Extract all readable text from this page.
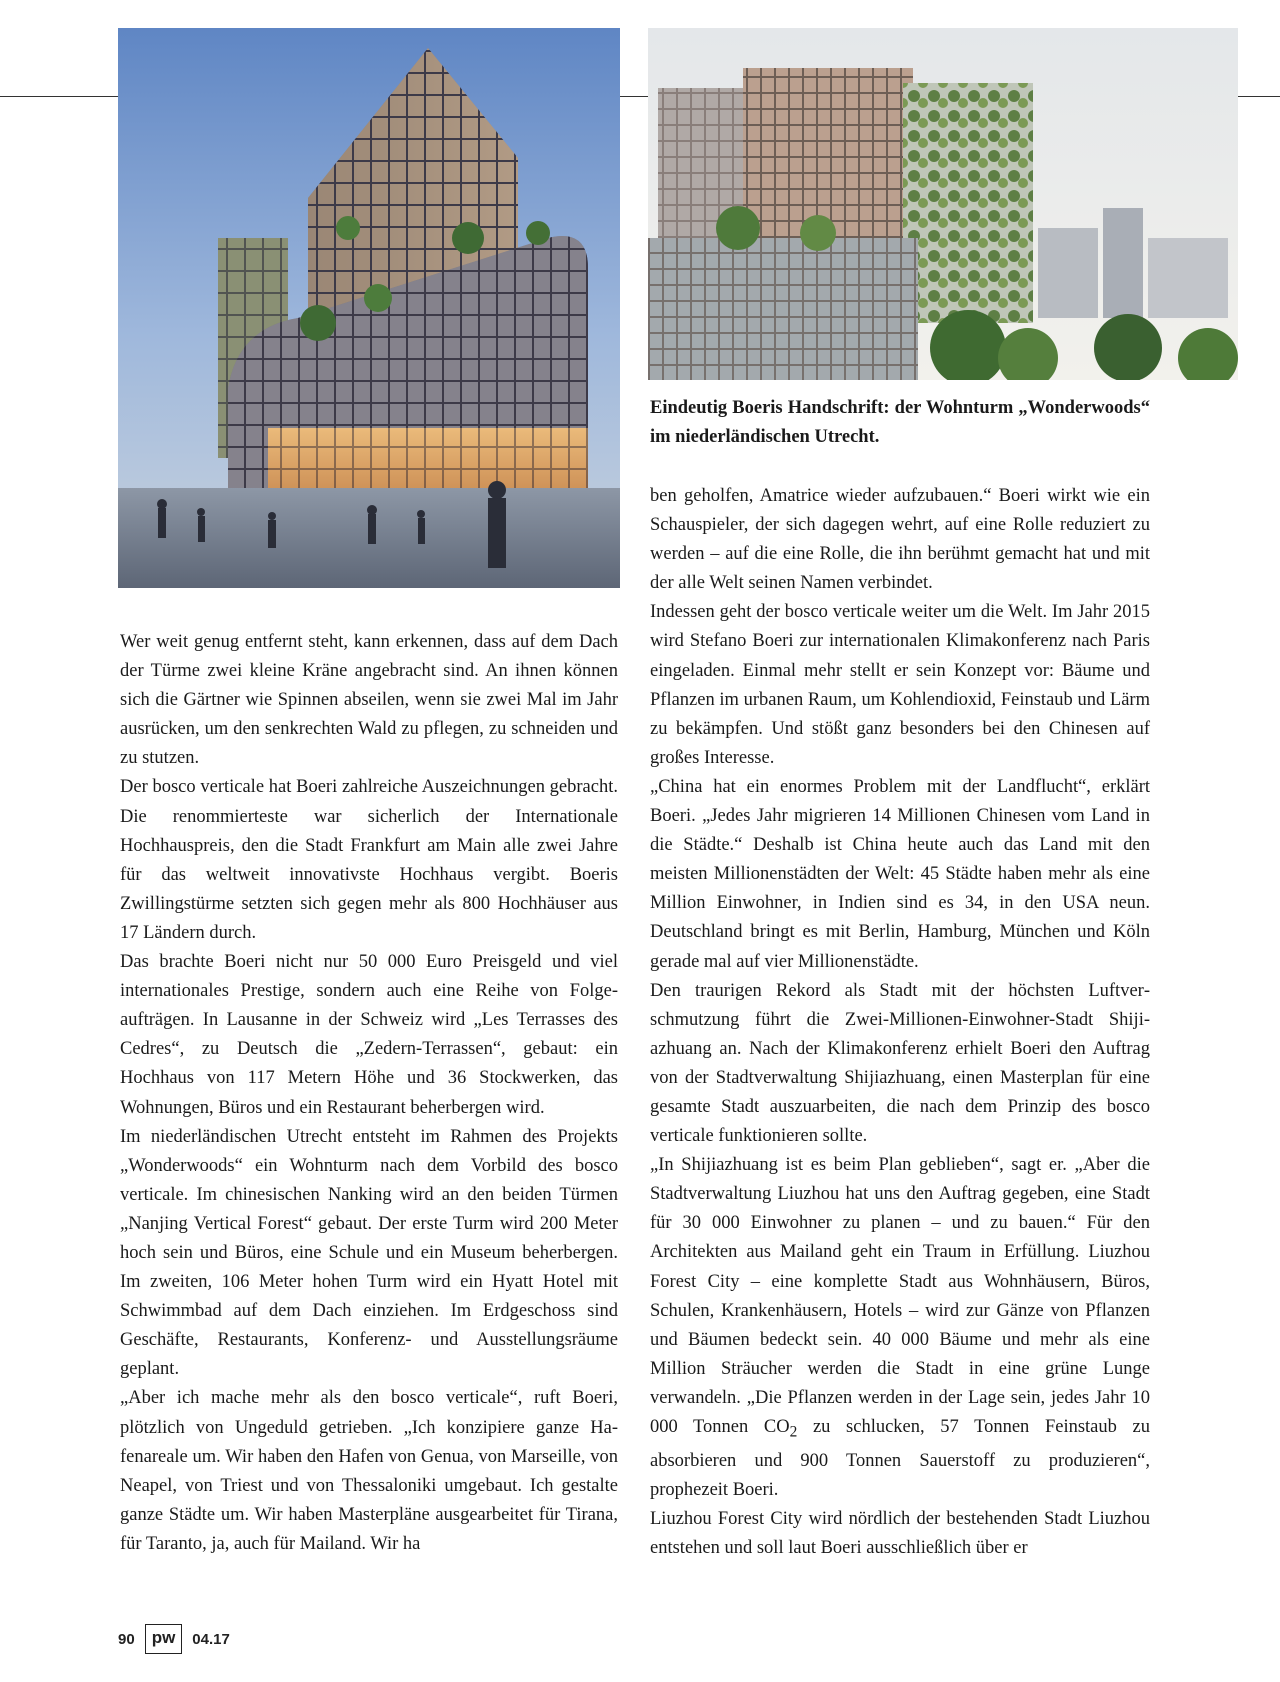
Eindeutig Boeris Handschrift: der Wohnturm „Wonderwoods“ im niederländischen Utrecht.

Wer weit genug entfernt steht, kann erkennen, dass auf dem Dach der Türme zwei kleine Kräne angebracht sind. An ihnen können sich die Gärtner wie Spinnen abseilen, wenn sie zwei Mal im Jahr ausrücken, um den senkrechten Wald zu pflegen, zu schneiden und zu stutzen.

Der bosco verticale hat Boeri zahlreiche Auszeichnungen gebracht. Die renommierteste war sicherlich der Internationale Hochhauspreis, den die Stadt Frankfurt am Main alle zwei Jahre für das weltweit innovativste Hochhaus vergibt. Boeris Zwillingstürme setzten sich gegen mehr als 800 Hochhäuser aus 17 Ländern durch.

Das brachte Boeri nicht nur 50 000 Euro Preisgeld und viel internationales Prestige, sondern auch eine Reihe von Folgeaufträgen. In Lausanne in der Schweiz wird „Les Terrasses des Cedres“, zu Deutsch die „Zedern-Terrassen“, gebaut: ein Hochhaus von 117 Metern Höhe und 36 Stockwerken, das Wohnungen, Büros und ein Restaurant beherbergen wird.

Im niederländischen Utrecht entsteht im Rahmen des Projekts „Wonderwoods“ ein Wohnturm nach dem Vorbild des bosco verticale. Im chinesischen Nanking wird an den beiden Türmen „Nanjing Vertical Forest“ gebaut. Der erste Turm wird 200 Meter hoch sein und Büros, eine Schule und ein Museum beherbergen. Im zweiten, 106 Meter hohen Turm wird ein Hyatt Hotel mit Schwimmbad auf dem Dach einziehen. Im Erdgeschoss sind Geschäfte, Restaurants, Konferenz- und Ausstellungsräume geplant.

„Aber ich mache mehr als den bosco verticale“, ruft Boeri, plötzlich von Ungeduld getrieben. „Ich konzipiere ganze Hafenareale um. Wir haben den Hafen von Genua, von Marseille, von Neapel, von Triest und von Thessaloniki umgebaut. Ich gestalte ganze Städte um. Wir haben Masterpläne ausgearbeitet für Tirana, für Taranto, ja, auch für Mailand. Wir ha

ben geholfen, Amatrice wieder aufzubauen.“ Boeri wirkt wie ein Schauspieler, der sich dagegen wehrt, auf eine Rolle reduziert zu werden – auf die eine Rolle, die ihn berühmt gemacht hat und mit der alle Welt seinen Namen verbindet.

Indessen geht der bosco verticale weiter um die Welt. Im Jahr 2015 wird Stefano Boeri zur internationalen Klimakonferenz nach Paris eingeladen. Einmal mehr stellt er sein Konzept vor: Bäume und Pflanzen im urbanen Raum, um Kohlendioxid, Feinstaub und Lärm zu bekämpfen. Und stößt ganz besonders bei den Chinesen auf großes Interesse.

„China hat ein enormes Problem mit der Landflucht“, erklärt Boeri. „Jedes Jahr migrieren 14 Millionen Chinesen vom Land in die Städte.“ Deshalb ist China heute auch das Land mit den meisten Millionenstädten der Welt: 45 Städte haben mehr als eine Million Einwohner, in Indien sind es 34, in den USA neun. Deutschland bringt es mit Berlin, Hamburg, München und Köln gerade mal auf vier Millionenstädte.

Den traurigen Rekord als Stadt mit der höchsten Luftverschmutzung führt die Zwei-Millionen-Einwohner-Stadt Shijiazhuang an. Nach der Klimakonferenz erhielt Boeri den Auftrag von der Stadtverwaltung Shijiazhuang, einen Masterplan für eine gesamte Stadt auszuarbeiten, die nach dem Prinzip des bosco verticale funktionieren sollte.

„In Shijiazhuang ist es beim Plan geblieben“, sagt er. „Aber die Stadtverwaltung Liuzhou hat uns den Auftrag gegeben, eine Stadt für 30 000 Einwohner zu planen – und zu bauen.“ Für den Architekten aus Mailand geht ein Traum in Erfüllung. Liuzhou Forest City – eine komplette Stadt aus Wohnhäusern, Büros, Schulen, Krankenhäusern, Hotels – wird zur Gänze von Pflanzen und Bäumen bedeckt sein. 40 000 Bäume und mehr als eine Million Sträucher werden die Stadt in eine grüne Lunge verwandeln. „Die Pflanzen werden in der Lage sein, jedes Jahr 10 000 Tonnen $CO_2$ zu schlucken, 57 Tonnen Feinstaub zu absorbieren und 900 Tonnen Sauerstoff zu produzieren“, prophezeit Boeri.

Liuzhou Forest City wird nördlich der bestehenden Stadt Liuzhou entstehen und soll laut Boeri ausschließlich über er

90	pw	04.17
